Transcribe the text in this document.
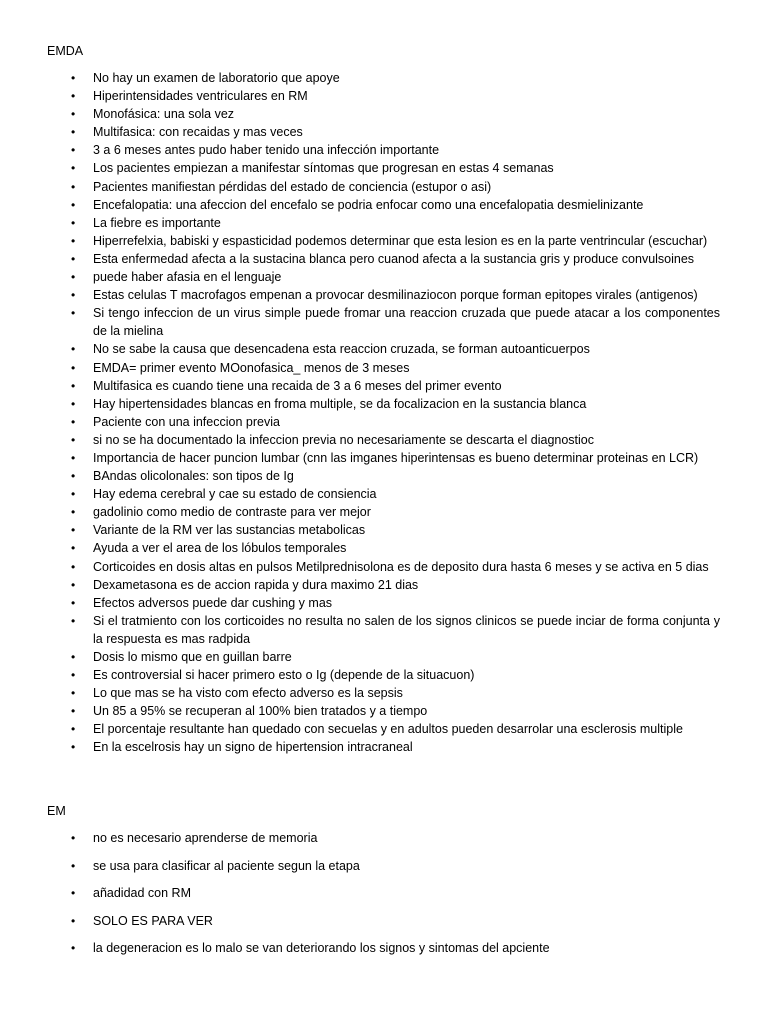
EMDA

• No hay un examen de laboratorio que apoye
• Hiperintensidades ventriculares en RM
• Monofásica: una sola vez
• Multifasica: con recaidas y mas veces
• 3 a 6 meses antes pudo haber tenido una infección importante
• Los pacientes empiezan a manifestar síntomas que progresan en estas 4 semanas
• Pacientes manifiestan pérdidas del estado de conciencia (estupor o asi)
• Encefalopatia: una afeccion del encefalo se podria enfocar como una encefalopatia desmielinizante
• La fiebre es importante
• Hiperrefelxia, babiski y espasticidad podemos determinar que esta lesion es en la parte ventrincular (escuchar)
• Esta enfermedad afecta a la sustacina blanca pero cuanod afecta a la sustancia gris y produce convulsoines
• puede haber afasia en el lenguaje
• Estas celulas T macrofagos empenan a provocar desmilinaziocon porque forman epitopes virales (antigenos)
• Si tengo infeccion de un virus simple puede fromar una reaccion cruzada que puede atacar a los componentes de la mielina
• No se sabe la causa que desencadena esta reaccion cruzada, se forman autoanticuerpos
• EMDA= primer evento MOonofasica_ menos de 3 meses
• Multifasica es cuando tiene una recaida de 3 a 6 meses del primer evento
• Hay hipertensidades blancas en froma multiple, se da focalizacion en la sustancia blanca
• Paciente con una infeccion previa
• si no se ha documentado la infeccion previa no necesariamente se descarta el diagnostioc
• Importancia de hacer puncion lumbar (cnn las imganes hiperintensas es bueno determinar proteinas en LCR)
• BAndas olicolonales: son tipos de Ig
• Hay edema cerebral y cae su estado de consiencia
• gadolinio como medio de contraste para ver mejor
• Variante de la RM ver las sustancias metabolicas
• Ayuda a ver el area de los lóbulos temporales
• Corticoides en dosis altas en pulsos Metilprednisolona es de deposito dura hasta 6 meses y se activa en 5 dias
• Dexametasona es de accion rapida y dura maximo 21 dias
• Efectos adversos puede dar cushing y mas
• Si el tratmiento con los corticoides no resulta no salen de los signos clinicos se puede inciar de forma conjunta y la respuesta es mas radpida
• Dosis lo mismo que en guillan barre
• Es controversial si hacer primero esto o Ig (depende de la situacuon)
• Lo que mas se ha visto com efecto adverso es la sepsis
• Un 85 a 95% se recuperan al 100% bien tratados y a tiempo
• El porcentaje resultante han quedado con secuelas y en adultos pueden desarrolar una esclerosis multiple
• En la escelrosis hay un signo de hipertension intracraneal

EM

• no es necesario aprenderse de memoria
• se usa para clasificar al paciente segun la etapa
• añadidad con RM
• SOLO ES PARA VER
• la degeneracion es lo malo se van deteriorando los signos y sintomas del apciente
